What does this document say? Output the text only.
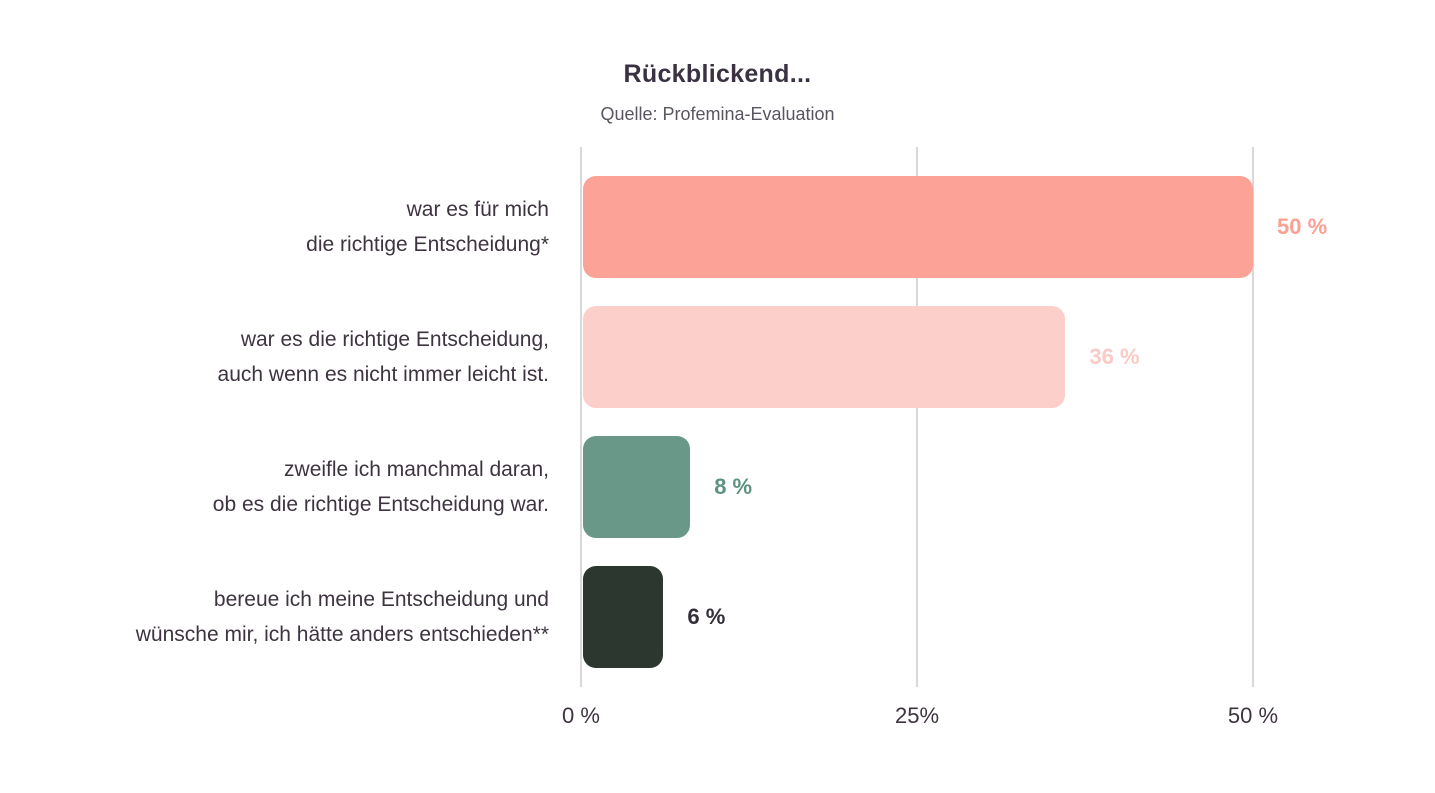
Rückblickend...
Quelle: Profemina-Evaluation
war es für mich
die richtige Entscheidung*
war es die richtige Entscheidung,
auch wenn es nicht immer leicht ist.
zweifle ich manchmal daran,
ob es die richtige Entscheidung war.
bereue ich meine Entscheidung und
wünsche mir, ich hätte anders entschieden**
50 %
36 %
8 %
6 %
0 %	25%	50 %
